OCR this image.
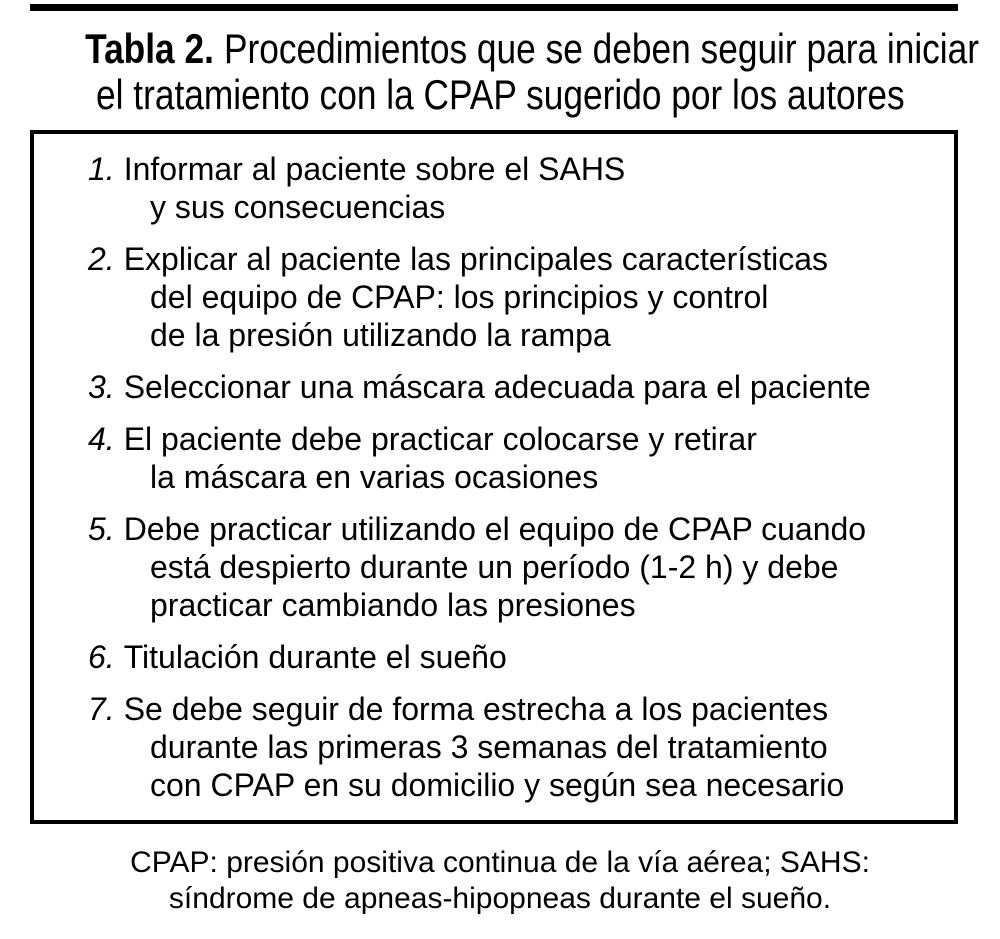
Tabla 2. Procedimientos que se deben seguir para iniciar
el tratamiento con la CPAP sugerido por los autores
1. Informar al paciente sobre el SAHS
y sus consecuencias
2. Explicar al paciente las principales características
del equipo de CPAP: los principios y control
de la presión utilizando la rampa
3. Seleccionar una máscara adecuada para el paciente
4. El paciente debe practicar colocarse y retirar
la máscara en varias ocasiones
5. Debe practicar utilizando el equipo de CPAP cuando
está despierto durante un período (1-2 h) y debe
practicar cambiando las presiones
6. Titulación durante el sueño
7. Se debe seguir de forma estrecha a los pacientes
durante las primeras 3 semanas del tratamiento
con CPAP en su domicilio y según sea necesario
CPAP: presión positiva continua de la vía aérea; SAHS:
síndrome de apneas-hipopneas durante el sueño.
